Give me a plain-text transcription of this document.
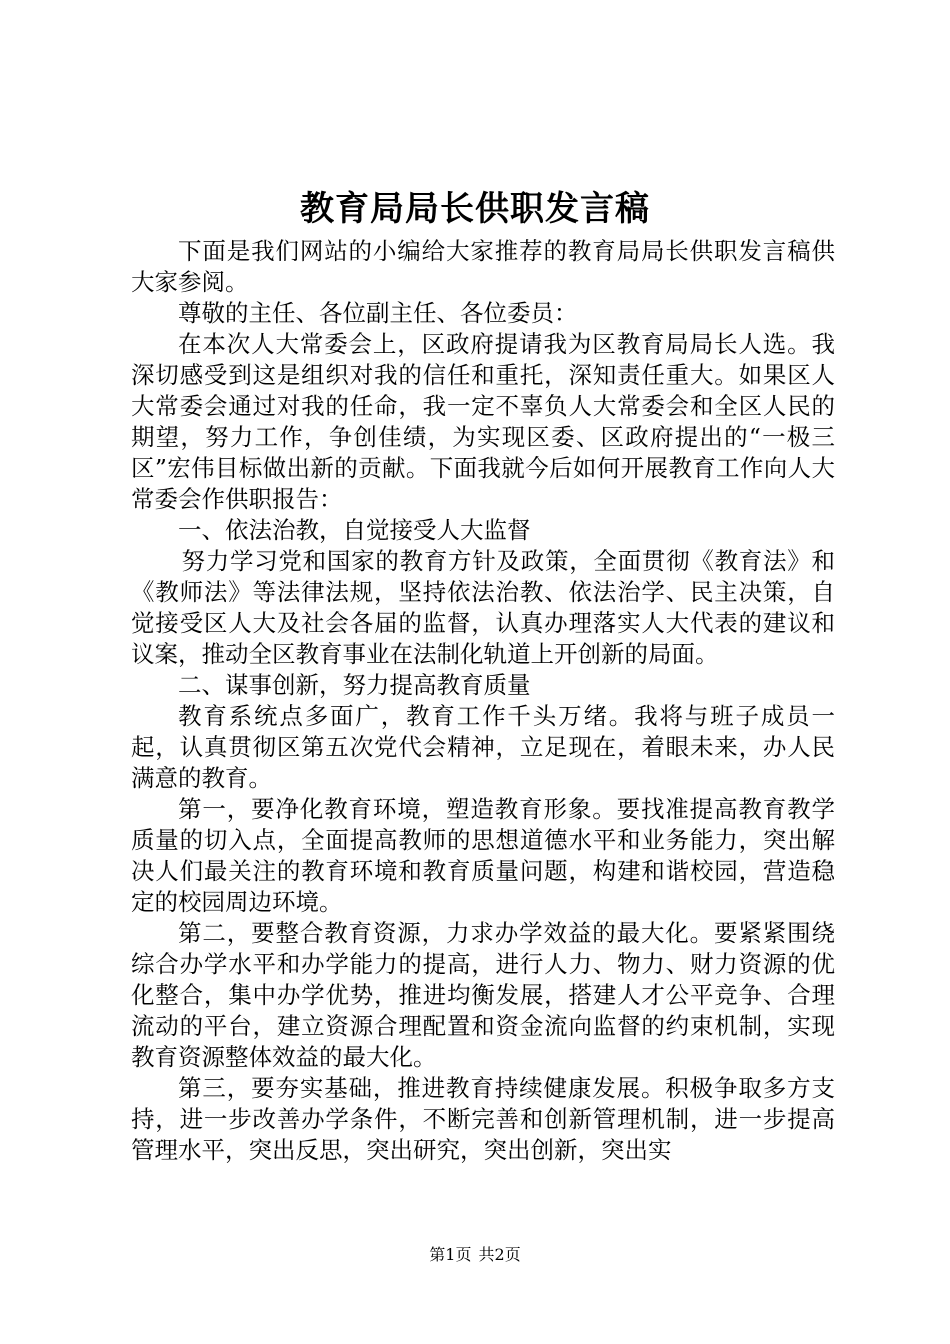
教育局局长供职发言稿

下面是我们网站的小编给大家推荐的教育局局长供职发言稿供大家参阅。

尊敬的主任、各位副主任、各位委员：

在本次人大常委会上，区政府提请我为区教育局局长人选。我深切感受到这是组织对我的信任和重托，深知责任重大。如果区人大常委会通过对我的任命，我一定不辜负人大常委会和全区人民的期望，努力工作，争创佳绩，为实现区委、区政府提出的“一极三区”宏伟目标做出新的贡献。下面我就今后如何开展教育工作向人大常委会作供职报告：

一、依法治教，自觉接受人大监督

努力学习党和国家的教育方针及政策，全面贯彻《教育法》和《教师法》等法律法规，坚持依法治教、依法治学、民主决策，自觉接受区人大及社会各届的监督，认真办理落实人大代表的建议和议案，推动全区教育事业在法制化轨道上开创新的局面。

二、谋事创新，努力提高教育质量

教育系统点多面广，教育工作千头万绪。我将与班子成员一起，认真贯彻区第五次党代会精神，立足现在，着眼未来，办人民满意的教育。

第一，要净化教育环境，塑造教育形象。要找准提高教育教学质量的切入点，全面提高教师的思想道德水平和业务能力，突出解决人们最关注的教育环境和教育质量问题，构建和谐校园，营造稳定的校园周边环境。

第二，要整合教育资源，力求办学效益的最大化。要紧紧围绕综合办学水平和办学能力的提高，进行人力、物力、财力资源的优化整合，集中办学优势，推进均衡发展，搭建人才公平竞争、合理流动的平台，建立资源合理配置和资金流向监督的约束机制，实现教育资源整体效益的最大化。

第三，要夯实基础，推进教育持续健康发展。积极争取多方支持，进一步改善办学条件，不断完善和创新管理机制，进一步提高管理水平，突出反思，突出研究，突出创新，突出实

第1页 共2页
